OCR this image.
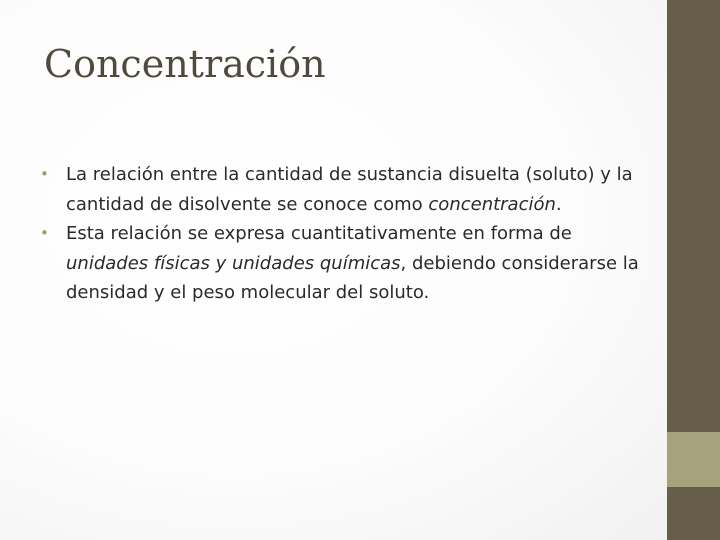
Concentración
• La relación entre la cantidad de sustancia disuelta (soluto) y la cantidad de disolvente se conoce como concentración.
• Esta relación se expresa cuantitativamente en forma de unidades físicas y unidades químicas, debiendo considerarse la densidad y el peso molecular del soluto.
